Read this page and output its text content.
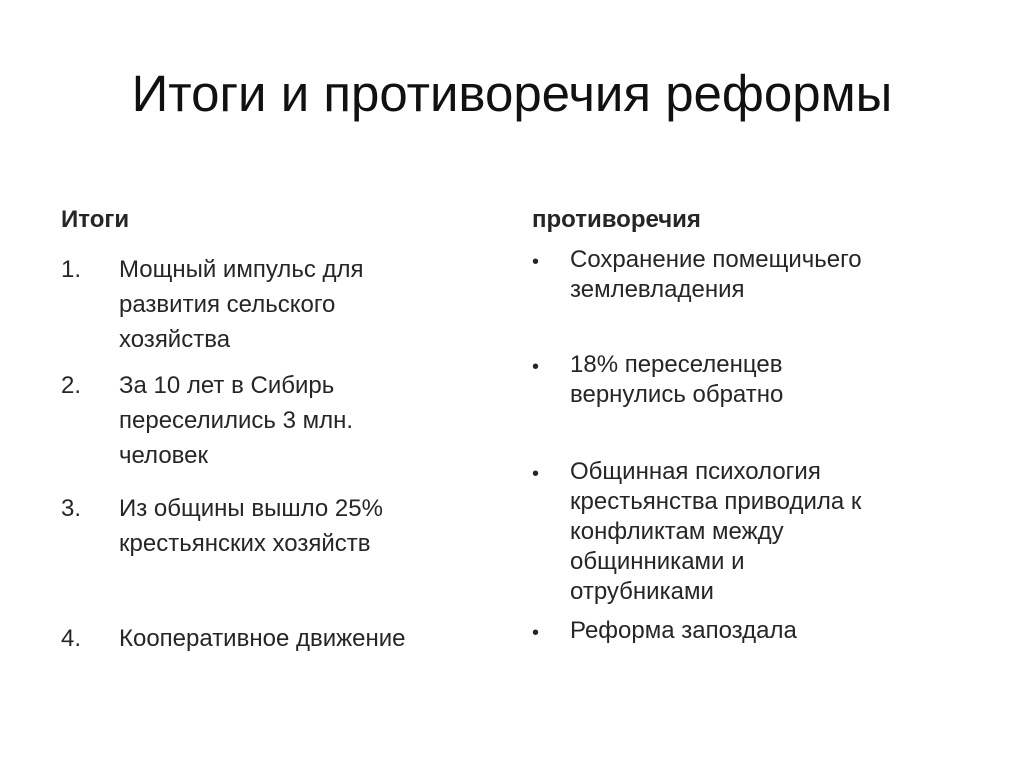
Итоги и противоречия реформы
Итоги	противоречия
1. Мощный импульс для
развития сельского
хозяйства
2. За 10 лет в Сибирь
переселились 3 млн.
человек
3. Из общины вышло 25%
крестьянских хозяйств
4. Кооперативное движение
• Сохранение помещичьего
землевладения
• 18% переселенцев
вернулись обратно
• Общинная психология
крестьянства приводила к
конфликтам между
общинниками и
отрубниками
• Реформа запоздала
